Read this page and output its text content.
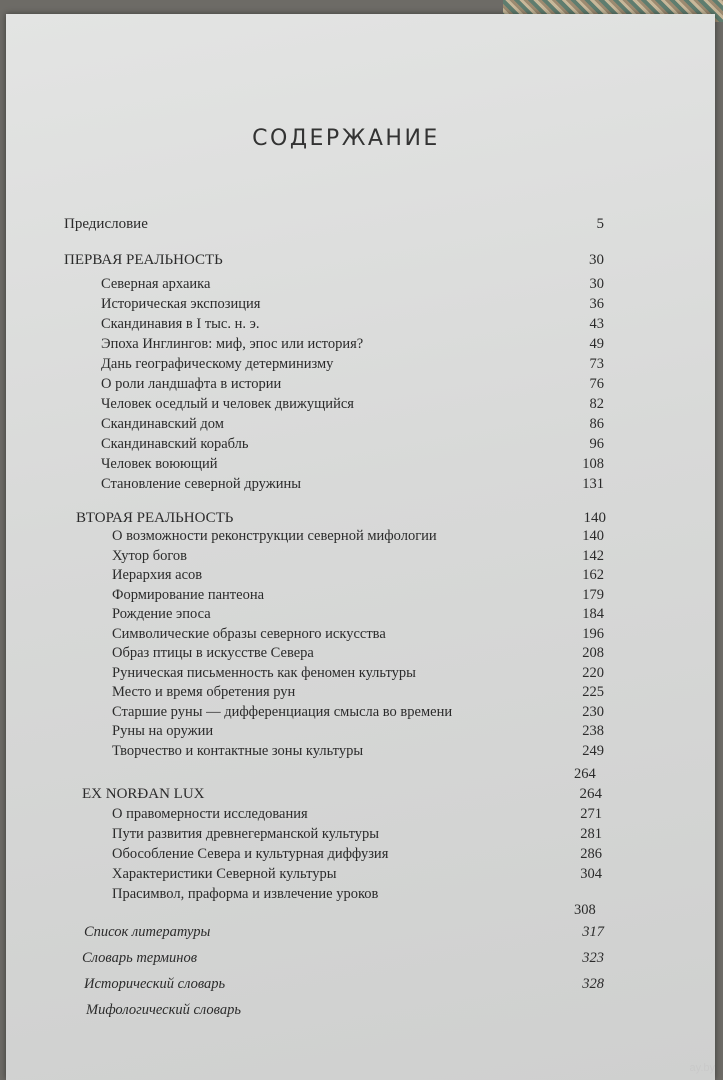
СОДЕРЖАНИЕ
Предисловие	5
ПЕРВАЯ РЕАЛЬНОСТЬ	30
Северная архаика	30
Историческая экспозиция	36
Скандинавия в I тыс. н. э.	43
Эпоха Инглингов: миф, эпос или история?	49
Дань географическому детерминизму	73
О роли ландшафта в истории	76
Человек оседлый и человек движущийся	82
Скандинавский дом	86
Скандинавский корабль	96
Человек воюющий	108
Становление северной дружины	131
ВТОРАЯ РЕАЛЬНОСТЬ	140
О возможности реконструкции северной мифологии	140
Хутор богов	142
Иерархия асов	162
Формирование пантеона	179
Рождение эпоса	184
Символические образы северного искусства	196
Образ птицы в искусстве Севера	208
Руническая письменность как феномен культуры	220
Место и время обретения рун	225
Старшие руны — дифференциация смысла во времени	230
Руны на оружии	238
Творчество и контактные зоны культуры	249
264
EX NORÐAN LUX	264
О правомерности исследования	271
Пути развития древнегерманской культуры	281
Обособление Севера и культурная диффузия	286
Характеристики Северной культуры	304
Прасимвол, праформа и извлечение уроков
308
Список литературы	317
Словарь терминов	323
Исторический словарь	328
Мифологический словарь
ay.by
